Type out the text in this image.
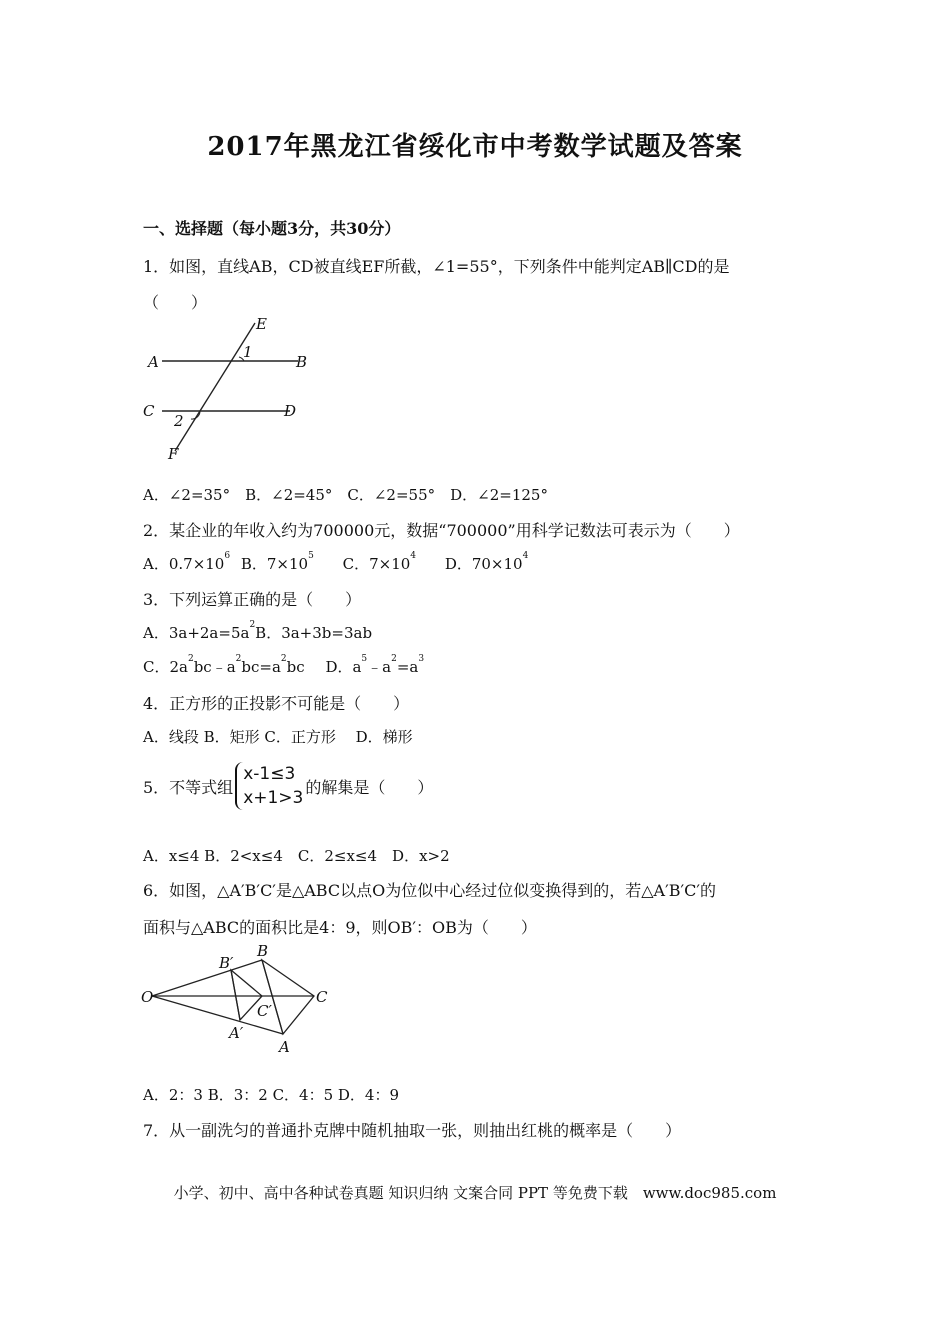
2017年黑龙江省绥化市中考数学试题及答案
一、选择题（每小题3分，共30分）
1．如图，直线AB，CD被直线EF所截，∠1=55°，下列条件中能判定AB∥CD的是
（　　）
E
A
1
B
C	D
2
F
A．∠2=35°　B．∠2=45°　C．∠2=55°　D．∠2=125°
2．某企业的年收入约为700000元，数据“700000”用科学记数法可表示为（　　）
A．$0.7\times 10^6$ B．$7\times 10^5$ C．$7\times 10^4$ D．$70\times 10^4$
3．下列运算正确的是（　　）
A．$3a+2a=5a^2B$．3a+3b=3ab
C．$2a^2bc﹣a^2bc=a^2bc$ D．$a^5﹣a^2=a^3$
4．正方形的正投影不可能是（　　）
A．线段 B．矩形 C．正方形　 D．梯形
5．不等式组
x-1≤3
x+1>3
的解集是（　　）
A．x≤4 B．2<x≤4　C．2≤x≤4　D．x>2
6．如图，△A′B′C′是△ABC以点O为位似中心经过位似变换得到的，若△A′B′C′的
面积与△ABC的面积比是4：9，则OB′：OB为（　　）
O
B′
B
C
C′
A′
A
A．2：3 B．3：2 C．4：5 D．4：9
7．从一副洗匀的普通扑克牌中随机抽取一张，则抽出红桃的概率是（　　）
小学、初中、高中各种试卷真题 知识归纳 文案合同 PPT 等免费下载　www.doc985.com
